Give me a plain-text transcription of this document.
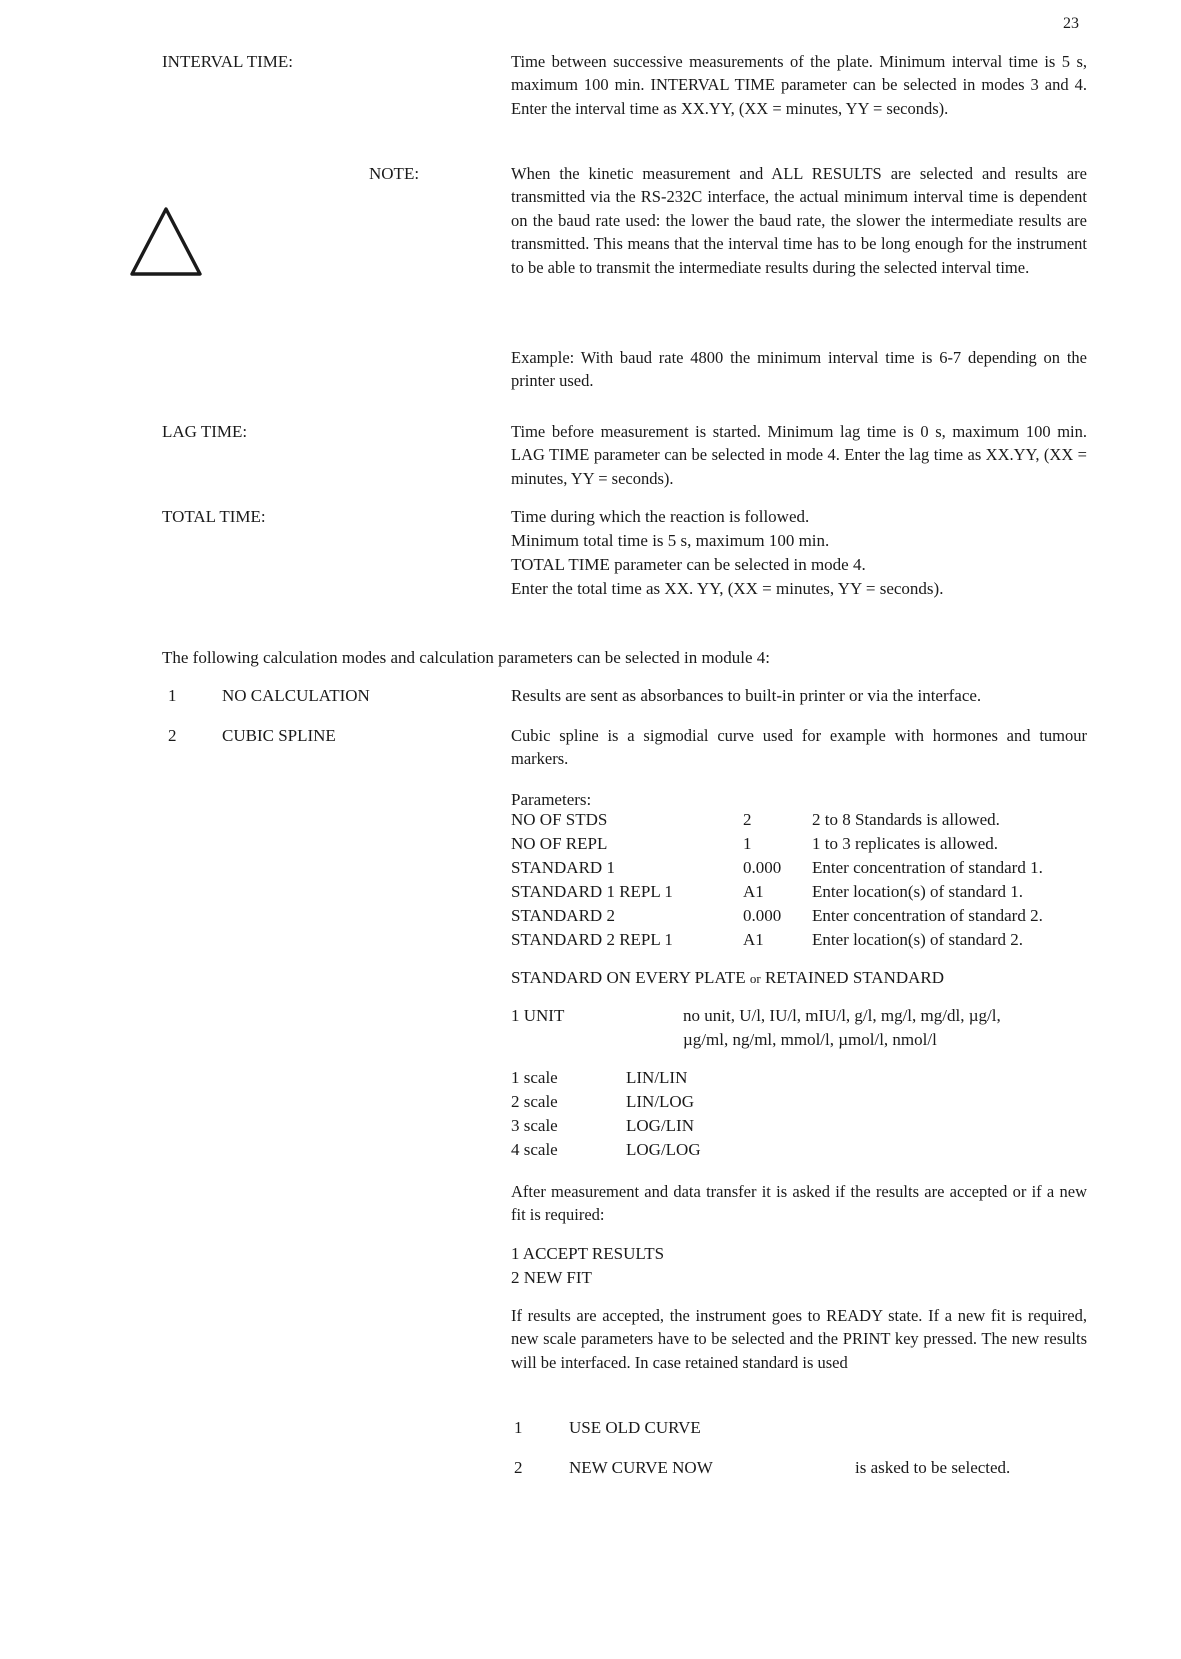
23
INTERVAL TIME:	Time between successive measurements of the plate. Minimum interval time is 5 s, maximum 100 min. INTERVAL TIME parameter can be selected in modes 3 and 4. Enter the interval time as XX.YY, (XX = minutes, YY = seconds).
NOTE:	When the kinetic measurement and ALL RESULTS are selected and results are transmitted via the RS-232C interface, the actual minimum interval time is dependent on the baud rate used: the lower the baud rate, the slower the intermediate results are transmitted. This means that the interval time has to be long enough for the instrument to be able to transmit the intermediate results during the selected interval time.
Example: With baud rate 4800 the minimum interval time is 6-7 depending on the printer used.
LAG TIME:	Time before measurement is started. Minimum lag time is 0 s, maximum 100 min. LAG TIME parameter can be selected in mode 4. Enter the lag time as XX.YY, (XX = minutes, YY = seconds).
TOTAL TIME:	Time during which the reaction is followed.
Minimum total time is 5 s, maximum 100 min.
TOTAL TIME parameter can be selected in mode 4.
Enter the total time as XX. YY, (XX = minutes, YY = seconds).
The following calculation modes and calculation parameters can be selected in module 4:
1	NO CALCULATION	Results are sent as absorbances to built-in printer or via the interface.
2	CUBIC SPLINE	Cubic spline is a sigmodial curve used for example with hormones and tumour markers.
Parameters:
NO OF STDS	2	2 to 8 Standards is allowed.
NO OF REPL	1	1 to 3 replicates is allowed.
STANDARD 1	0.000 Enter concentration of standard 1.
STANDARD 1 REPL 1	A1	Enter location(s) of standard 1.
STANDARD 2	0.000 Enter concentration of standard 2.
STANDARD 2 REPL 1	A1	Enter location(s) of standard 2.
STANDARD ON EVERY PLATE or RETAINED STANDARD
1 UNIT	no unit, U/l, IU/l, mIU/l, g/l, mg/l, mg/dl, µg/l,
µg/ml, ng/ml, mmol/l, µmol/l, nmol/l
1 scale	LIN/LIN
2 scale	LIN/LOG
3 scale	LOG/LIN
4 scale	LOG/LOG
After measurement and data transfer it is asked if the results are accepted or if a new fit is required:
1 ACCEPT RESULTS
2 NEW FIT
If results are accepted, the instrument goes to READY state. If a new fit is required, new scale parameters have to be selected and the PRINT key pressed. The new results will be interfaced. In case retained standard is used
1	USE OLD CURVE
2	NEW CURVE NOW	is asked to be selected.
